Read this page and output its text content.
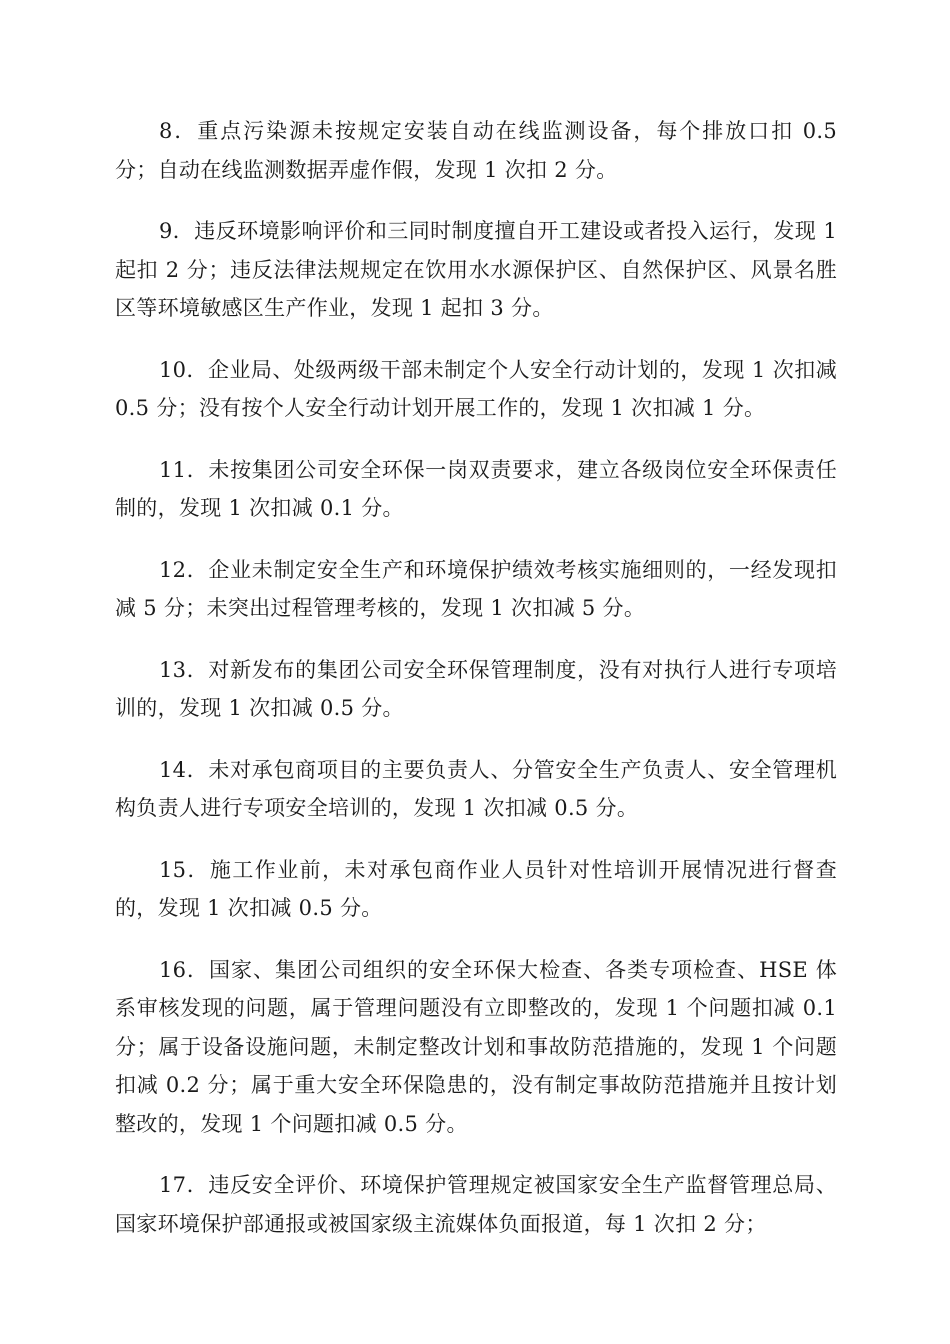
8．重点污染源未按规定安装自动在线监测设备，每个排放口扣 0.5 分；自动在线监测数据弄虚作假，发现 1 次扣 2 分。

9．违反环境影响评价和三同时制度擅自开工建设或者投入运行，发现 1 起扣 2 分；违反法律法规规定在饮用水水源保护区、自然保护区、风景名胜区等环境敏感区生产作业，发现 1 起扣 3 分。

10．企业局、处级两级干部未制定个人安全行动计划的，发现 1 次扣减 0.5 分；没有按个人安全行动计划开展工作的，发现 1 次扣减 1 分。

11．未按集团公司安全环保一岗双责要求，建立各级岗位安全环保责任制的，发现 1 次扣减 0.1 分。

12．企业未制定安全生产和环境保护绩效考核实施细则的，一经发现扣减 5 分；未突出过程管理考核的，发现 1 次扣减 5 分。

13．对新发布的集团公司安全环保管理制度，没有对执行人进行专项培训的，发现 1 次扣减 0.5 分。

14．未对承包商项目的主要负责人、分管安全生产负责人、安全管理机构负责人进行专项安全培训的，发现 1 次扣减 0.5 分。

15．施工作业前，未对承包商作业人员针对性培训开展情况进行督查的，发现 1 次扣减 0.5 分。

16．国家、集团公司组织的安全环保大检查、各类专项检查、HSE 体系审核发现的问题，属于管理问题没有立即整改的，发现 1 个问题扣减 0.1 分；属于设备设施问题，未制定整改计划和事故防范措施的，发现 1 个问题扣减 0.2 分；属于重大安全环保隐患的，没有制定事故防范措施并且按计划整改的，发现 1 个问题扣减 0.5 分。

17．违反安全评价、环境保护管理规定被国家安全生产监督管理总局、国家环境保护部通报或被国家级主流媒体负面报道，每 1 次扣 2 分；
